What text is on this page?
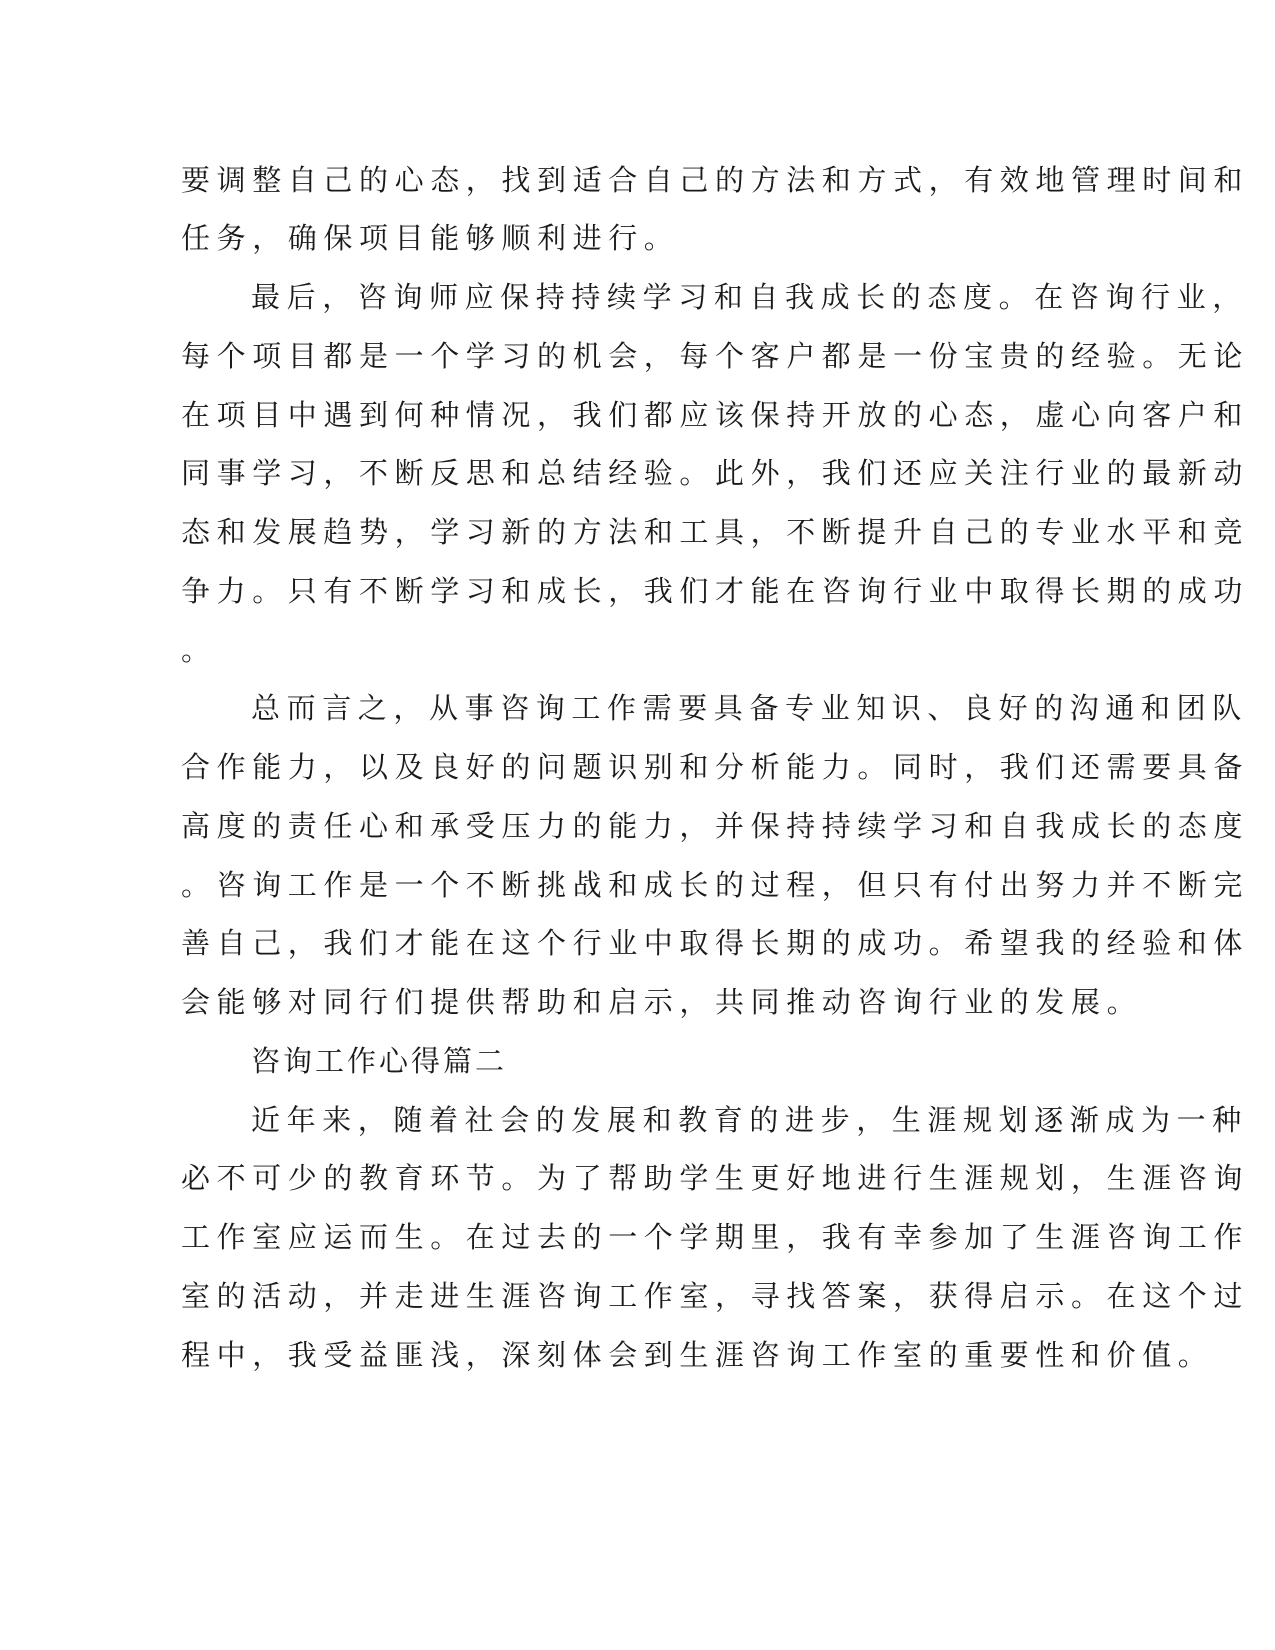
要调整自己的心态，找到适合自己的方法和方式，有效地管理时间和
任务，确保项目能够顺利进行。
最后，咨询师应保持持续学习和自我成长的态度。在咨询行业，
每个项目都是一个学习的机会，每个客户都是一份宝贵的经验。无论
在项目中遇到何种情况，我们都应该保持开放的心态，虚心向客户和
同事学习，不断反思和总结经验。此外，我们还应关注行业的最新动
态和发展趋势，学习新的方法和工具，不断提升自己的专业水平和竞
争力。只有不断学习和成长，我们才能在咨询行业中取得长期的成功
。
总而言之，从事咨询工作需要具备专业知识、良好的沟通和团队
合作能力，以及良好的问题识别和分析能力。同时，我们还需要具备
高度的责任心和承受压力的能力，并保持持续学习和自我成长的态度
。咨询工作是一个不断挑战和成长的过程，但只有付出努力并不断完
善自己，我们才能在这个行业中取得长期的成功。希望我的经验和体
会能够对同行们提供帮助和启示，共同推动咨询行业的发展。
咨询工作心得篇二
近年来，随着社会的发展和教育的进步，生涯规划逐渐成为一种
必不可少的教育环节。为了帮助学生更好地进行生涯规划，生涯咨询
工作室应运而生。在过去的一个学期里，我有幸参加了生涯咨询工作
室的活动，并走进生涯咨询工作室，寻找答案，获得启示。在这个过
程中，我受益匪浅，深刻体会到生涯咨询工作室的重要性和价值。
